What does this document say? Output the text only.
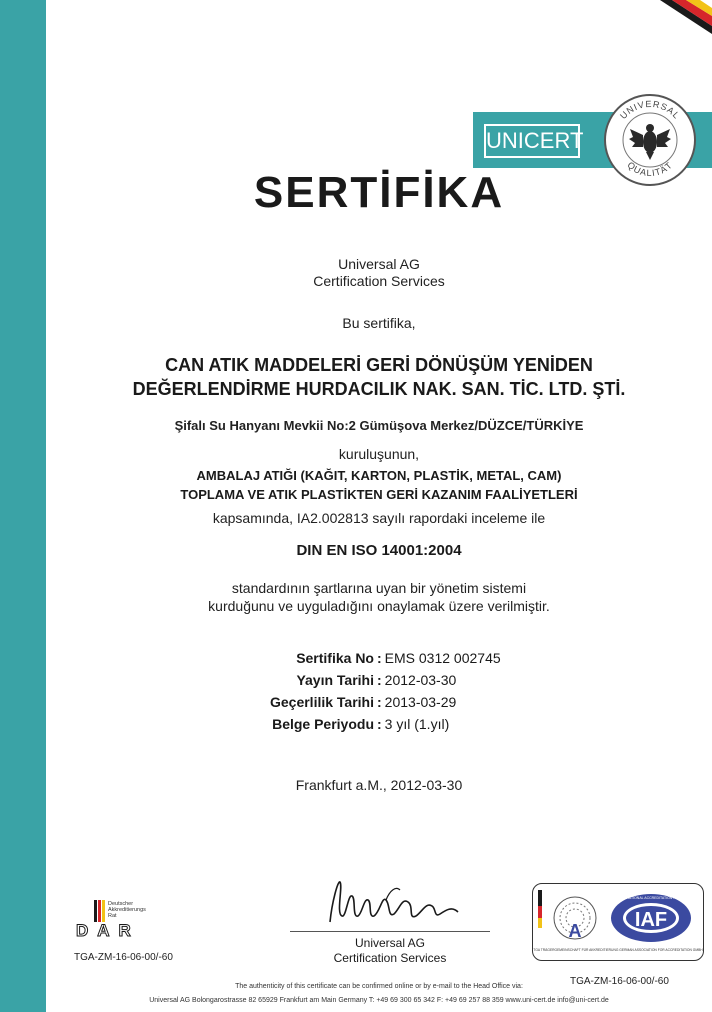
UNICERT
UNIVERSAL
QUALITÄT
SERTİFİKA
Universal AG
Certification Services
Bu sertifika,
CAN ATIK MADDELERİ GERİ DÖNÜŞÜM YENİDEN
DEĞERLENDİRME HURDACILIK NAK. SAN. TİC. LTD. ŞTİ.
Şifalı Su Hanyanı Mevkii No:2 Gümüşova Merkez/DÜZCE/TÜRKİYE
kuruluşunun,
AMBALAJ ATIĞI (KAĞIT, KARTON, PLASTİK, METAL, CAM)
TOPLAMA VE ATIK PLASTİKTEN GERİ KAZANIM FAALİYETLERİ
kapsamında, IA2.002813 sayılı rapordaki inceleme ile
DIN EN ISO 14001:2004
standardının şartlarına uyan bir yönetim sistemi
kurduğunu ve uyguladığını onaylamak üzere verilmiştir.
Sertifika No : EMS 0312 002745
Yayın Tarihi : 2012-03-30
Geçerlilik Tarihi : 2013-03-29
Belge Periyodu : 3 yıl (1.yıl)
Frankfurt a.M., 2012-03-30
Deutscher
Akkreditierungs
Rat
DAR
TGA-ZM-16-06-00/-60
Universal AG
Certification Services
A	IAF
INTERNATIONAL ACCREDITATION FORUM
TGA TRÄGERGEMEINSCHAFT FÜR AKKREDITIERUNG GERMAN ASSOCIATION FOR ACCREDITATION GMBH
TGA-ZM-16-06-00/-60
The authenticity of this certificate can be confirmed online or by e-mail to the Head Office via:
Universal AG Bolongarostrasse 82 65929 Frankfurt am Main Germany T: +49 69 300 65 342 F: +49 69 257 88 359 www.uni-cert.de info@uni-cert.de
